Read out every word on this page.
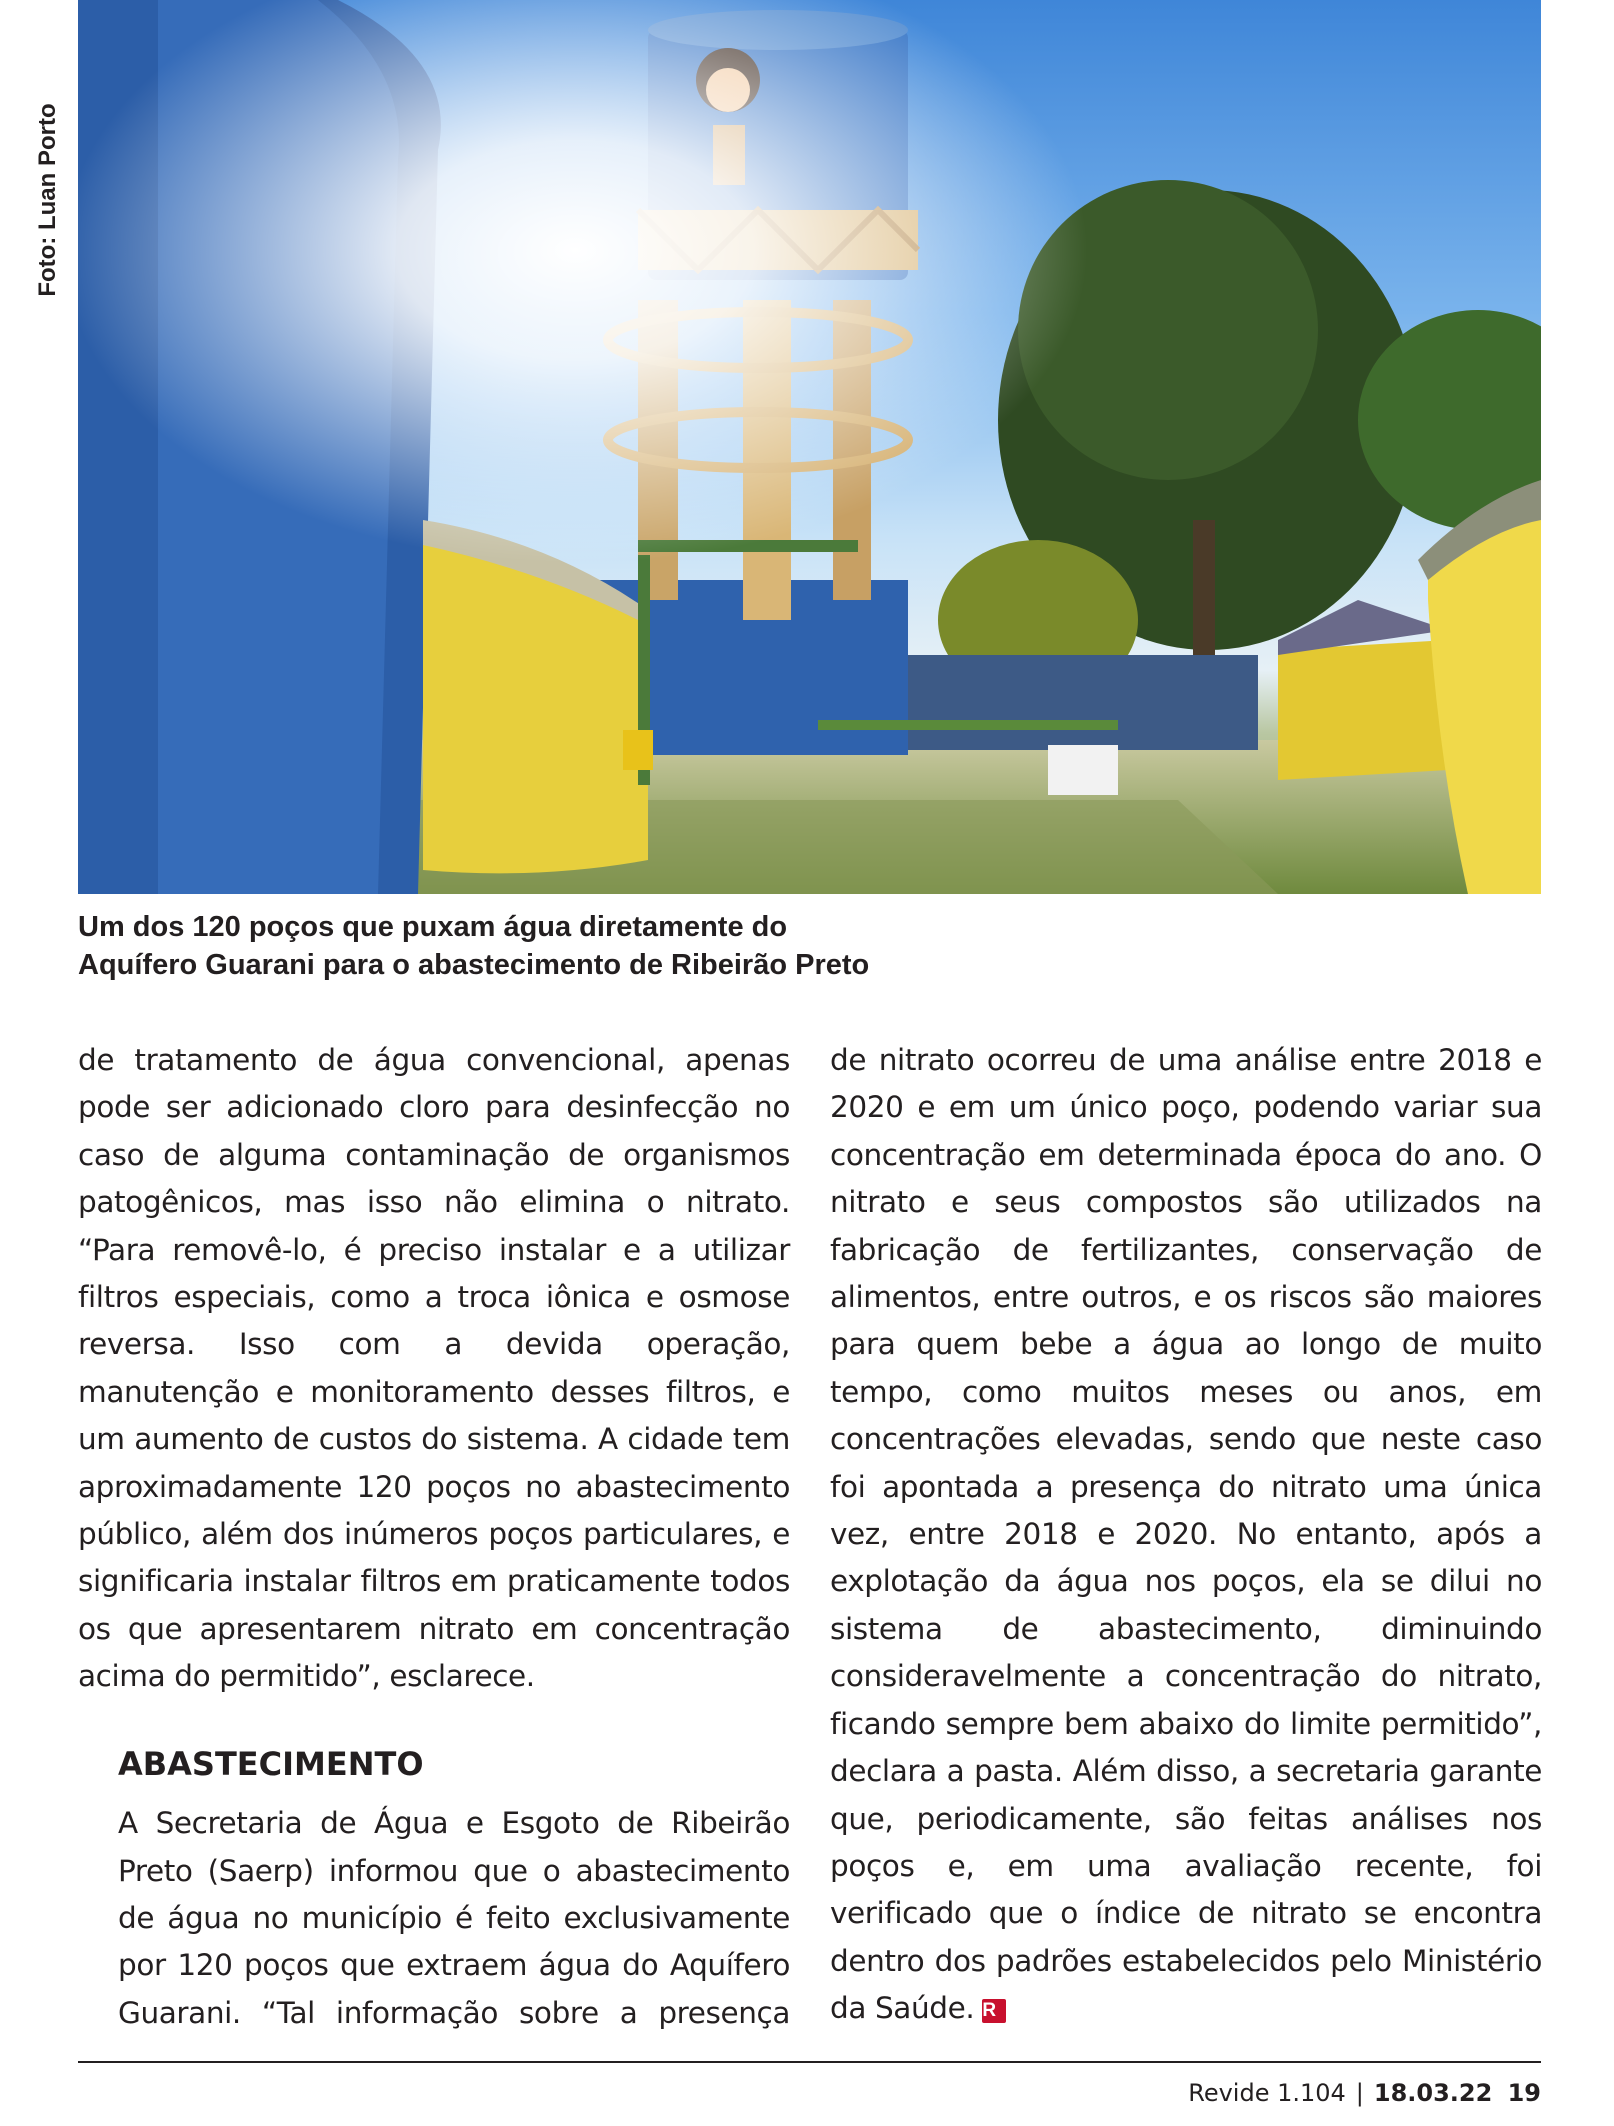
Foto: Luan Porto
Um dos 120 poços que puxam água diretamente do
Aquífero Guarani para o abastecimento de Ribeirão Preto

de tratamento de água convencional, apenas pode ser adicionado cloro para desinfecção no caso de alguma contaminação de organismos patogênicos, mas isso não elimina o nitrato. “Para removê-lo, é preciso instalar e a utilizar filtros especiais, como a troca iônica e osmose reversa. Isso com a devida operação, manutenção e monitoramento desses filtros, e um aumento de custos do sistema. A cidade tem aproximadamente 120 poços no abastecimento público, além dos inúmeros poços particulares, e significaria instalar filtros em praticamente todos os que apresentarem nitrato em concentração acima do permitido”, esclarece.

A Secretaria de Água e Esgoto de Ribeirão Preto (Saerp) informou que o abastecimento de água no município é feito exclusivamente por 120 poços que extraem água do Aquífero Guarani. “Tal informação sobre a presença

ABASTECIMENTO

de nitrato ocorreu de uma análise entre 2018 e 2020 e em um único poço, podendo variar sua concentração em determinada época do ano. O nitrato e seus compostos são utilizados na fabricação de fertilizantes, conservação de alimentos, entre outros, e os riscos são maiores para quem bebe a água ao longo de muito tempo, como muitos meses ou anos, em concentrações elevadas, sendo que neste caso foi apontada a presença do nitrato uma única vez, entre 2018 e 2020. No entanto, após a explotação da água nos poços, ela se dilui no sistema de abastecimento, diminuindo consideravelmente a concentração do nitrato, ficando sempre bem abaixo do limite permitido”, declara a pasta. Além disso, a secretaria garante que, periodicamente, são feitas análises nos poços e, em uma avaliação recente, foi verificado que o índice de nitrato se encontra dentro dos padrões estabelecidos pelo Ministério da Saúde. R

Revide 1.104 | 18.03.22 19
